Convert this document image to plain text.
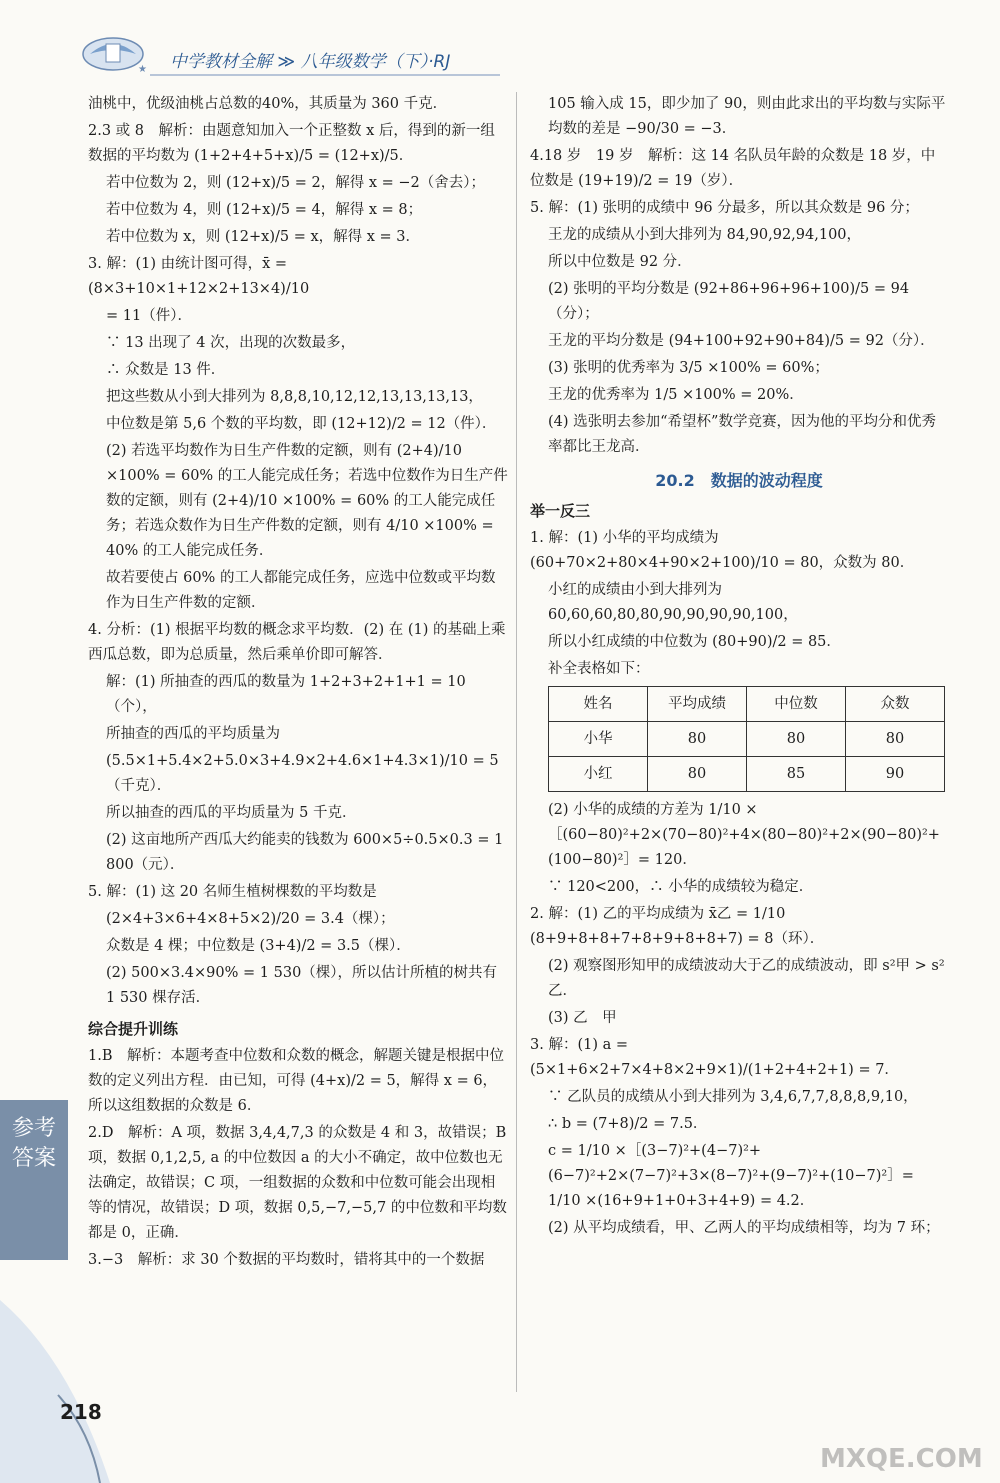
★ 中学教材全解 ≫ 八年级数学（下）·RJ

油桃中，优级油桃占总数的40%，其质量为 360 千克．

2.3 或 8　解析：由题意知加入一个正整数 x 后，得到的新一组数据的平均数为 (1+2+4+5+x)/5 = (12+x)/5．

若中位数为 2，则 (12+x)/5 = 2，解得 x = −2（舍去）；

若中位数为 4，则 (12+x)/5 = 4，解得 x = 8；

若中位数为 x，则 (12+x)/5 = x，解得 x = 3．

3. 解：(1) 由统计图可得，x̄ = (8×3+10×1+12×2+13×4)/10

= 11（件）．

∵ 13 出现了 4 次，出现的次数最多，

∴ 众数是 13 件．

把这些数从小到大排列为 8,8,8,10,12,12,13,13,13,13，

中位数是第 5,6 个数的平均数，即 (12+12)/2 = 12（件）．

(2) 若选平均数作为日生产件数的定额，则有 (2+4)/10 ×100% = 60% 的工人能完成任务；若选中位数作为日生产件数的定额，则有 (2+4)/10 ×100% = 60% 的工人能完成任务；若选众数作为日生产件数的定额，则有 4/10 ×100% = 40% 的工人能完成任务．

故若要使占 60% 的工人都能完成任务，应选中位数或平均数作为日生产件数的定额．

4. 分析：(1) 根据平均数的概念求平均数．(2) 在 (1) 的基础上乘西瓜总数，即为总质量，然后乘单价即可解答．

解：(1) 所抽查的西瓜的数量为 1+2+3+2+1+1 = 10（个），

所抽查的西瓜的平均质量为

(5.5×1+5.4×2+5.0×3+4.9×2+4.6×1+4.3×1)/10 = 5（千克）．

所以抽查的西瓜的平均质量为 5 千克．

(2) 这亩地所产西瓜大约能卖的钱数为 600×5÷0.5×0.3 = 1 800（元）．

5. 解：(1) 这 20 名师生植树棵数的平均数是

(2×4+3×6+4×8+5×2)/20 = 3.4（棵）；

众数是 4 棵；中位数是 (3+4)/2 = 3.5（棵）．

(2) 500×3.4×90% = 1 530（棵），所以估计所植的树共有 1 530 棵存活．

综合提升训练

1.B　解析：本题考查中位数和众数的概念，解题关键是根据中位数的定义列出方程．由已知，可得 (4+x)/2 = 5，解得 x = 6，所以这组数据的众数是 6．

2.D　解析：A 项，数据 3,4,4,7,3 的众数是 4 和 3，故错误；B 项，数据 0,1,2,5, a 的中位数因 a 的大小不确定，故中位数也无法确定，故错误；C 项，一组数据的众数和中位数可能会出现相等的情况，故错误；D 项，数据 0,5,−7,−5,7 的中位数和平均数都是 0，正确．

3.−3　解析：求 30 个数据的平均数时，错将其中的一个数据

105 输入成 15，即少加了 90，则由此求出的平均数与实际平均数的差是 −90/30 = −3．

4.18 岁　19 岁　解析：这 14 名队员年龄的众数是 18 岁，中位数是 (19+19)/2 = 19（岁）．

5. 解：(1) 张明的成绩中 96 分最多，所以其众数是 96 分；

王龙的成绩从小到大排列为 84,90,92,94,100，

所以中位数是 92 分．

(2) 张明的平均分数是 (92+86+96+96+100)/5 = 94（分）；

王龙的平均分数是 (94+100+92+90+84)/5 = 92（分）．

(3) 张明的优秀率为 3/5 ×100% = 60%；

王龙的优秀率为 1/5 ×100% = 20%．

(4) 选张明去参加“希望杯”数学竞赛，因为他的平均分和优秀率都比王龙高．

20.2　数据的波动程度
举一反三

1. 解：(1) 小华的平均成绩为 (60+70×2+80×4+90×2+100)/10 = 80，众数为 80．

小红的成绩由小到大排列为 60,60,60,80,80,90,90,90,90,100，

所以小红成绩的中位数为 (80+90)/2 = 85．

补全表格如下：

姓名	平均成绩	中位数	众数
小华	80	80	80
小红	80	85	90

(2) 小华的成绩的方差为 1/10 ×［(60−80)²+2×(70−80)²+4×(80−80)²+2×(90−80)²+(100−80)²］= 120．

∵ 120<200，∴ 小华的成绩较为稳定．

2. 解：(1) 乙的平均成绩为 x̄乙 = 1/10 (8+9+8+8+7+8+9+8+8+7) = 8（环）．

(2) 观察图形知甲的成绩波动大于乙的成绩波动，即 s²甲 > s²乙．

(3) 乙　甲

3. 解：(1) a = (5×1+6×2+7×4+8×2+9×1)/(1+2+4+2+1) = 7．

∵ 乙队员的成绩从小到大排列为 3,4,6,7,7,8,8,8,9,10，

∴ b = (7+8)/2 = 7.5．

c = 1/10 ×［(3−7)²+(4−7)²+(6−7)²+2×(7−7)²+3×(8−7)²+(9−7)²+(10−7)²］= 1/10 ×(16+9+1+0+3+4+9) = 4.2．

(2) 从平均成绩看，甲、乙两人的平均成绩相等，均为 7 环；

参考答案
218
MXQE.COM
